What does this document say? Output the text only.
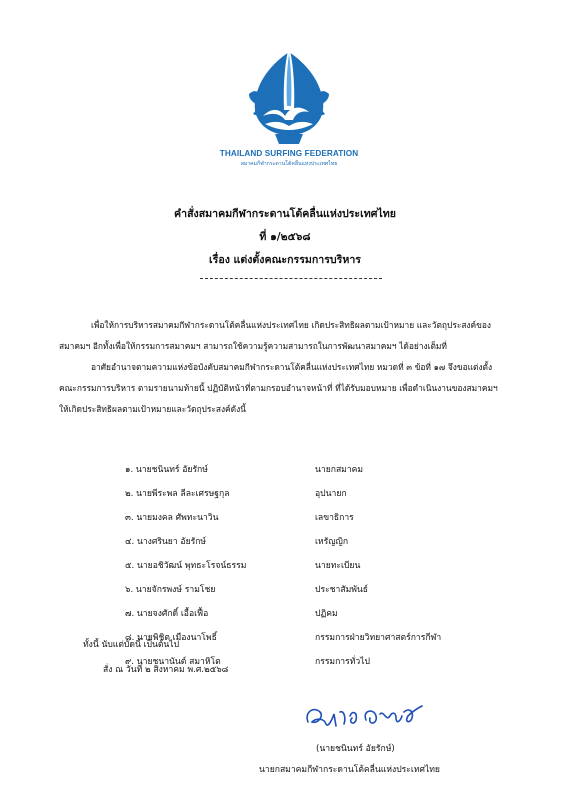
THAILAND SURFING FEDERATION
สมาคมกีฬากระดานโต้คลื่นแห่งประเทศไทย
คำสั่งสมาคมกีฬากระดานโต้คลื่นแห่งประเทศไทย
ที่ ๑/๒๕๖๘
เรื่อง แต่งตั้งคณะกรรมการบริหาร

เพื่อให้การบริหารสมาคมกีฬากระดานโต้คลื่นแห่งประเทศไทย เกิดประสิทธิผลตามเป้าหมาย และวัตถุประสงค์ของ

สมาคมฯ อีกทั้งเพื่อให้กรรมการสมาคมฯ สามารถใช้ความรู้ความสามารถในการพัฒนาสมาคมฯ ได้อย่างเต็มที่

อาศัยอำนาจตามความแห่งข้อบังคับสมาคมกีฬากระดานโต้คลื่นแห่งประเทศไทย หมวดที่ ๓ ข้อที่ ๑๗ จึงขอแต่งตั้ง

คณะกรรมการบริหาร ตามรายนามท้ายนี้ ปฏิบัติหน้าที่ตามกรอบอำนาจหน้าที่ ที่ได้รับมอบหมาย เพื่อดำเนินงานของสมาคมฯ

ให้เกิดประสิทธิผลตามเป้าหมายและวัตถุประสงค์ดังนี้

๑. นายชนินทร์ อัยรักษ์	นายกสมาคม
๒. นายพีระพล ลีละเศรษฐกุล	อุปนายก
๓. นายมงคล ศัพทะนาวิน	เลขาธิการ
๔. นางศรินยา อัยรักษ์	เหรัญญิก
๕. นายอชิวัฒน์ พุทธะโรจน์ธรรม	นายทะเบียน
๖. นายจักรพงษ์ รามโชย	ประชาสัมพันธ์
๗. นายจงศักดิ์ เอื้อเฟื้อ	ปฏิคม
๘. นายพิชิต เมืองนาโพธิ์	กรรมการฝ่ายวิทยาศาสตร์การกีฬา
๙. นายชนานันต์ สมาหิโต	กรรมการทั่วไป
ทั้งนี้ นับแต่บัดนี้ เป็นต้นไป
สั่ง ณ วันที่ ๒ สิงหาคม พ.ศ.๒๕๖๘
(นายชนินทร์ อัยรักษ์)
นายกสมาคมกีฬากระดานโต้คลื่นแห่งประเทศไทย
